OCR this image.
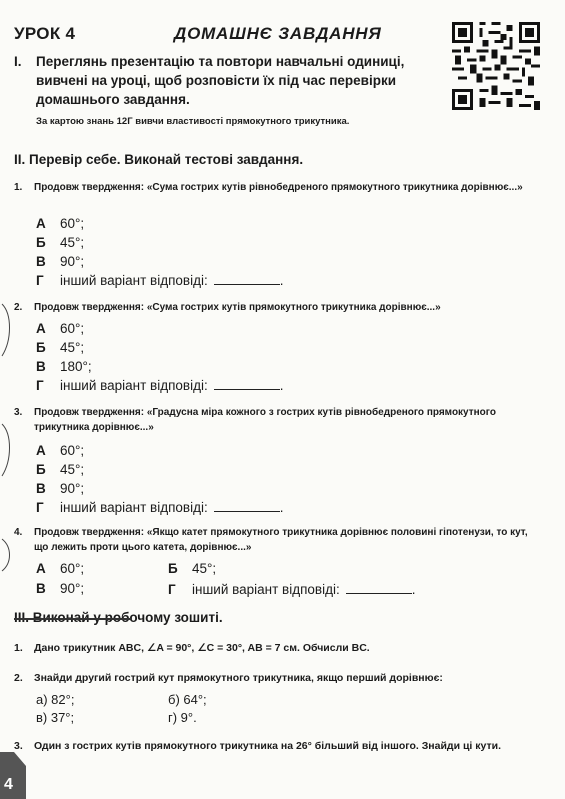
УРОК 4	ДОМАШНЄ ЗАВДАННЯ
I. Переглянь презентацію та повтори навчальні одиниці, вивчені на уроці, щоб розповісти їх під час перевірки домашнього завдання.
За картою знань 12Г вивчи властивості прямокутного трикутника.
II. Перевір себе. Виконай тестові завдання.
1. Продовж твердження: «Сума гострих кутів рівнобедреного прямокутного трикутника дорівнює...»
А 60°;
Б 45°;
В 90°;
Г інший варіант відповіді:	.
2. Продовж твердження: «Сума гострих кутів прямокутного трикутника дорівнює...»
А 60°;
Б 45°;
В 180°;
Г інший варіант відповіді:	.
3. Продовж твердження: «Градусна міра кожного з гострих кутів рівнобедреного прямокутного трикутника дорівнює...»
А 60°;
Б 45°;
В 90°;
Г інший варіант відповіді:	.
4. Продовж твердження: «Якщо катет прямокутного трикутника дорівнює половині гіпотенузи, то кут, що лежить проти цього катета, дорівнює...»
А 60°;	Б 45°;
В 90°;	Г інший варіант відповіді:	.
III. Виконай у робочому зошиті.
1. Дано трикутник ABC, ∠A = 90°, ∠C = 30°, AB = 7 см. Обчисли BC.
2. Знайди другий гострий кут прямокутного трикутника, якщо перший дорівнює:
а) 82°;	б) 64°;
в) 37°;	г) 9°.
3. Один з гострих кутів прямокутного трикутника на 26° більший від іншого. Знайди ці кути.
4
